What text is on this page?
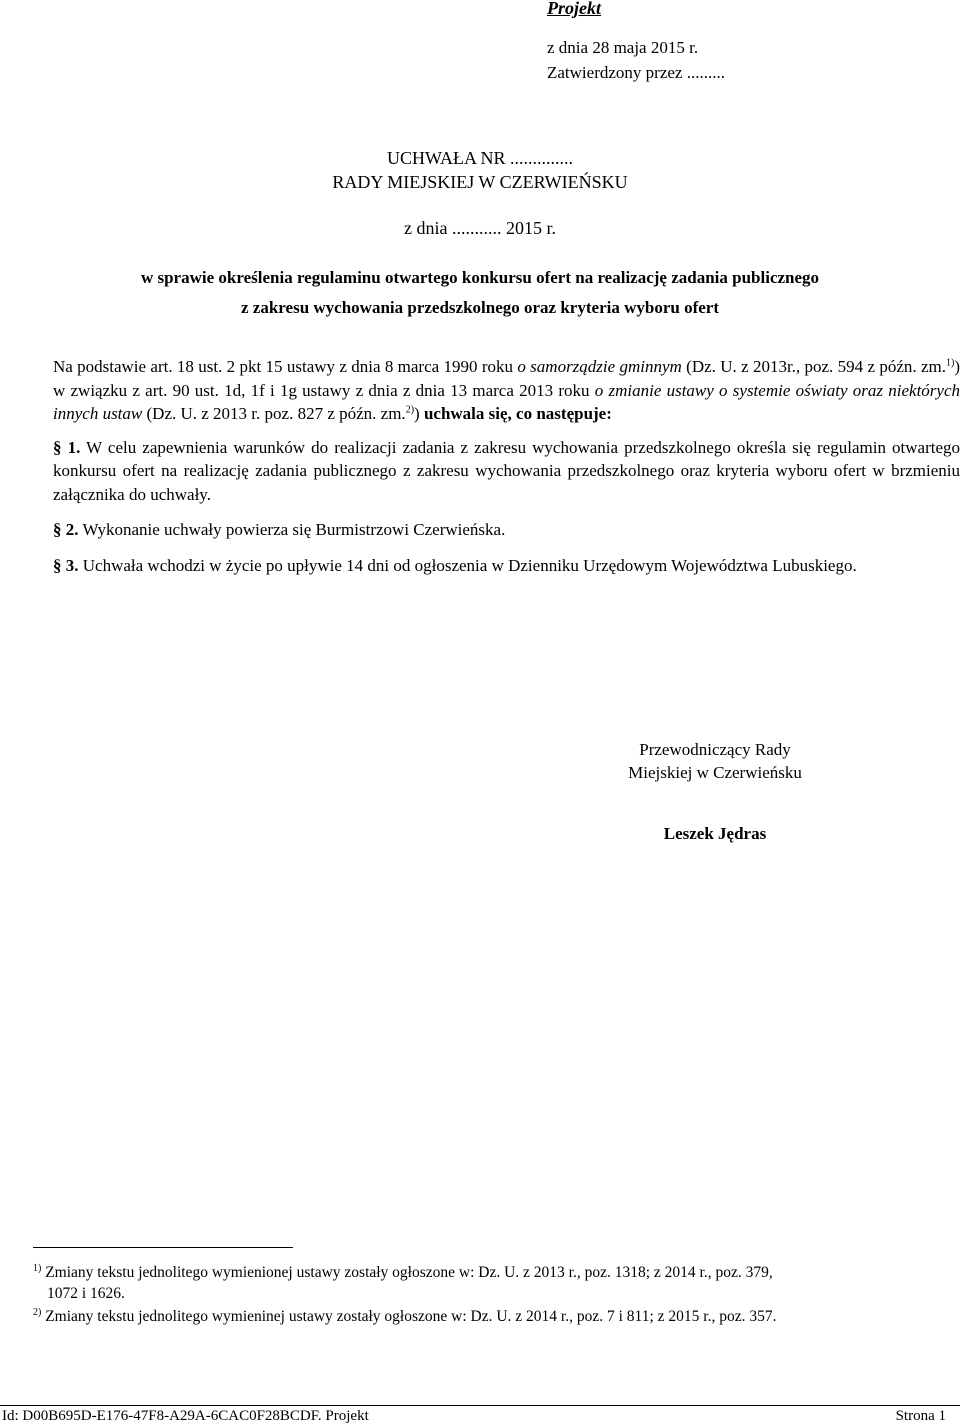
Projekt
z dnia 28 maja 2015 r.
Zatwierdzony przez .........
UCHWAŁA NR ..............
RADY MIEJSKIEJ W CZERWIEŃSKU
z dnia ........... 2015 r.
w sprawie określenia regulaminu otwartego konkursu ofert na realizację zadania publicznego
z zakresu wychowania przedszkolnego oraz kryteria wyboru ofert

Na podstawie art. 18 ust. 2 pkt 15 ustawy z dnia 8 marca 1990 roku o samorządzie gminnym (Dz. U. z 2013r., poz. 594 z późn. zm.$^{1)}$) w związku z art. 90 ust. 1d, 1f i 1g ustawy z dnia z dnia 13 marca 2013 roku o zmianie ustawy o systemie oświaty oraz niektórych innych ustaw (Dz. U. z 2013 r. poz. 827 z późn. zm.$^{2)}$) uchwala się, co następuje:

§ 1. W celu zapewnienia warunków do realizacji zadania z zakresu wychowania przedszkolnego określa się regulamin otwartego konkursu ofert na realizację zadania publicznego z zakresu wychowania przedszkolnego oraz kryteria wyboru ofert w brzmieniu załącznika do uchwały.

§ 2. Wykonanie uchwały powierza się Burmistrzowi Czerwieńska.

§ 3. Uchwała wchodzi w życie po upływie 14 dni od ogłoszenia w Dzienniku Urzędowym Województwa Lubuskiego.

Przewodniczący Rady
Miejskiej w Czerwieńsku
Leszek Jędras

$^{1)}$ Zmiany tekstu jednolitego wymienionej ustawy zostały ogłoszone w: Dz. U. z 2013 r., poz. 1318; z 2014 r., poz. 379,
1072 i 1626.

$^{2)}$ Zmiany tekstu jednolitego wymieninej ustawy zostały ogłoszone w: Dz. U. z 2014 r., poz. 7 i 811; z 2015 r., poz. 357.

Id: D00B695D-E176-47F8-A29A-6CAC0F28BCDF. Projekt	Strona 1
